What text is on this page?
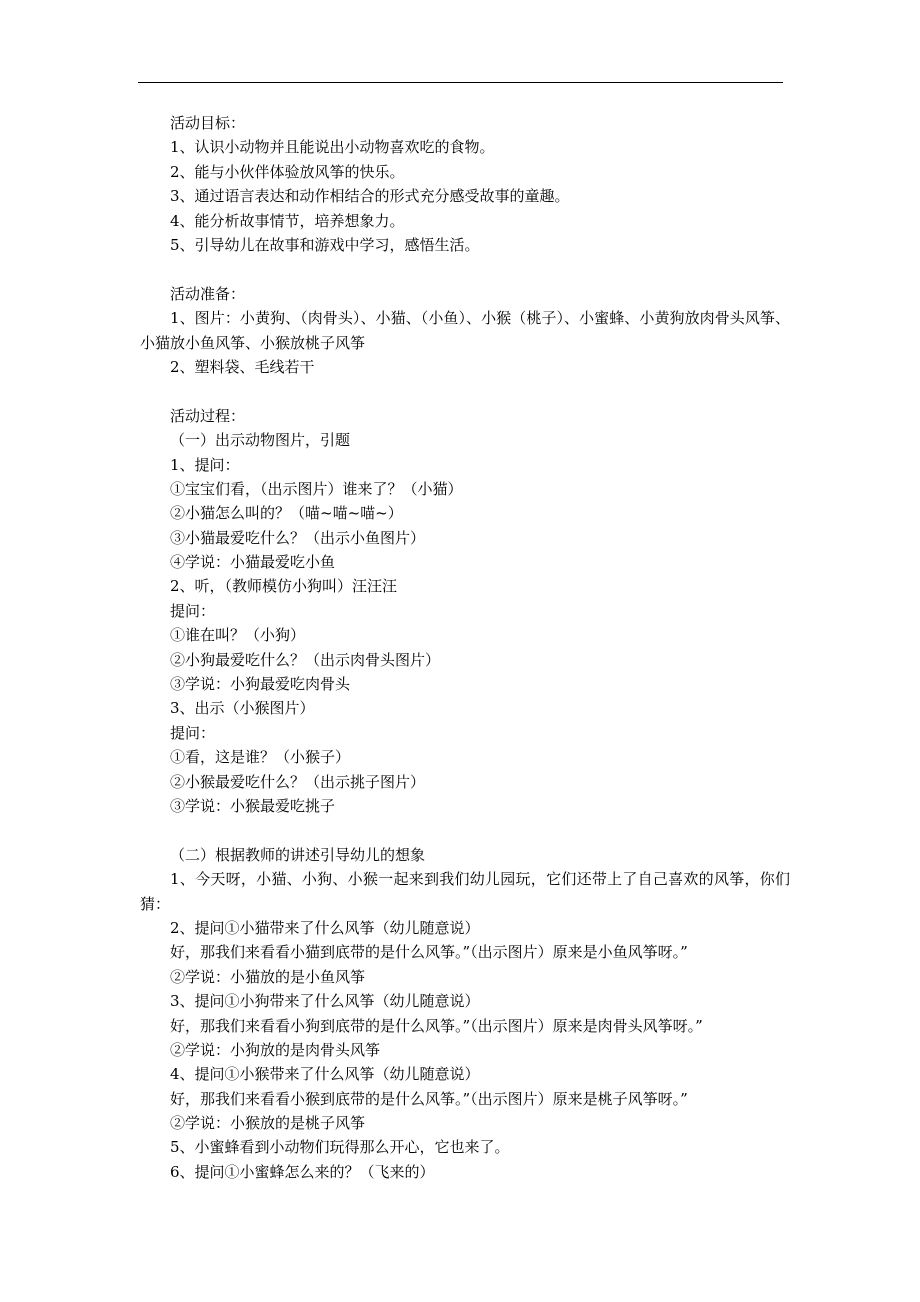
活动目标：
1、认识小动物并且能说出小动物喜欢吃的食物。
2、能与小伙伴体验放风筝的快乐。
3、通过语言表达和动作相结合的形式充分感受故事的童趣。
4、能分析故事情节，培养想象力。
5、引导幼儿在故事和游戏中学习，感悟生活。
活动准备：
1、图片：小黄狗、（肉骨头）、小猫、（小鱼）、小猴（桃子）、小蜜蜂、小黄狗放肉骨头风筝、小猫放小鱼风筝、小猴放桃子风筝
2、塑料袋、毛线若干
活动过程：
（一）出示动物图片，引题
1、提问：
①宝宝们看，（出示图片）谁来了？（小猫）
②小猫怎么叫的？（喵~喵~喵~）
③小猫最爱吃什么？（出示小鱼图片）
④学说：小猫最爱吃小鱼
2、听，（教师模仿小狗叫）汪汪汪
提问：
①谁在叫？（小狗）
②小狗最爱吃什么？（出示肉骨头图片）
③学说：小狗最爱吃肉骨头
3、出示（小猴图片）
提问：
①看，这是谁？（小猴子）
②小猴最爱吃什么？（出示挑子图片）
③学说：小猴最爱吃挑子
（二）根据教师的讲述引导幼儿的想象
1、今天呀，小猫、小狗、小猴一起来到我们幼儿园玩，它们还带上了自己喜欢的风筝，你们猜：
2、提问①小猫带来了什么风筝（幼儿随意说）
好，那我们来看看小猫到底带的是什么风筝。”（出示图片）原来是小鱼风筝呀。”
②学说：小猫放的是小鱼风筝
3、提问①小狗带来了什么风筝（幼儿随意说）
好，那我们来看看小狗到底带的是什么风筝。”（出示图片）原来是肉骨头风筝呀。”
②学说：小狗放的是肉骨头风筝
4、提问①小猴带来了什么风筝（幼儿随意说）
好，那我们来看看小猴到底带的是什么风筝。”（出示图片）原来是桃子风筝呀。”
②学说：小猴放的是桃子风筝
5、小蜜蜂看到小动物们玩得那么开心，它也来了。
6、提问①小蜜蜂怎么来的？（飞来的）
